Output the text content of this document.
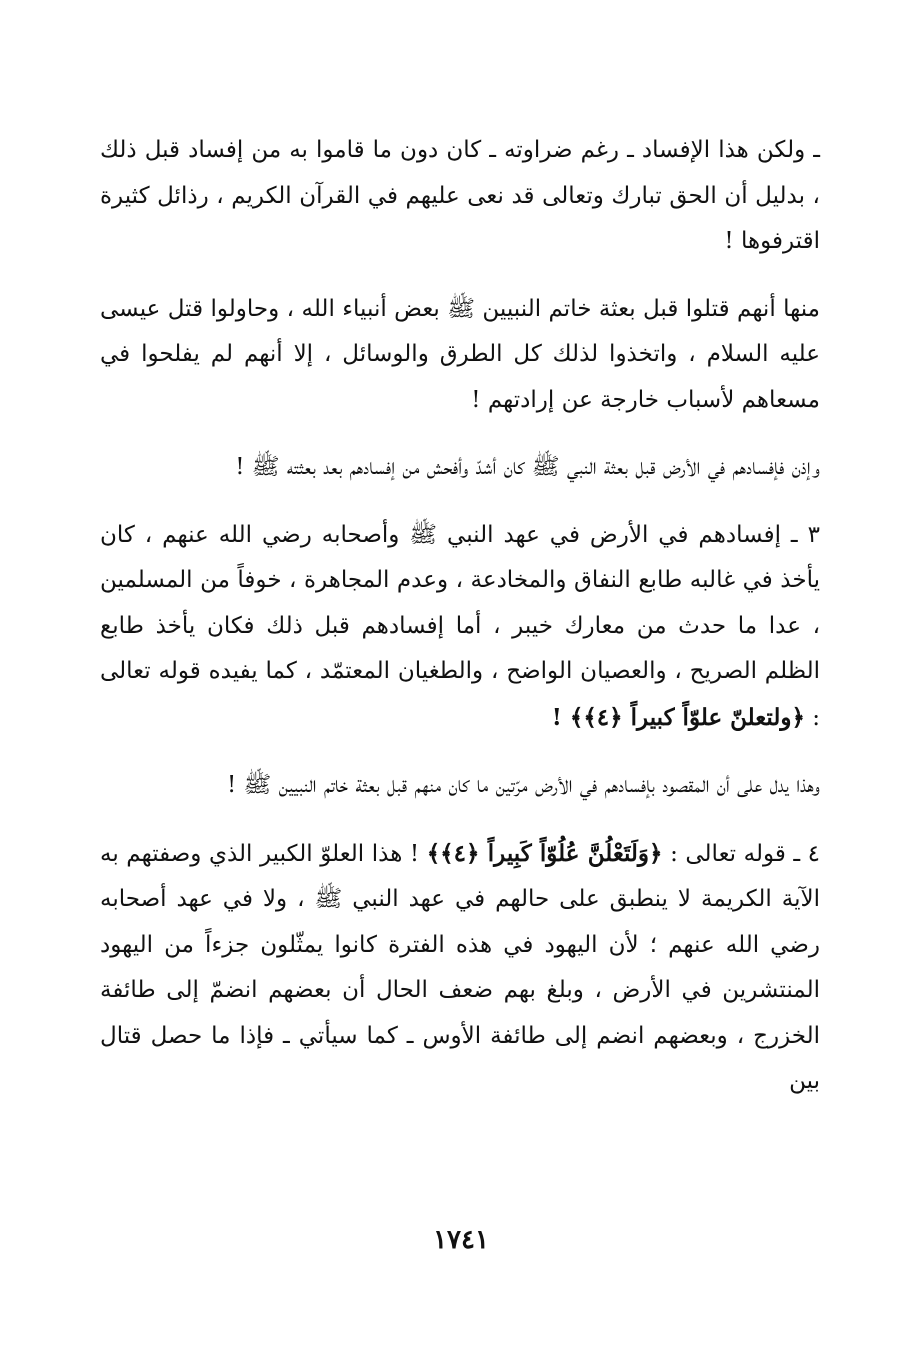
ـ ولكن هذا الإفساد ـ رغم ضراوته ـ كان دون ما قاموا به من إفساد قبل ذلك ، بدليل أن الحق تبارك وتعالى قد نعى عليهم في القرآن الكريم ، رذائل كثيرة اقترفوها !

منها أنهم قتلوا قبل بعثة خاتم النبيين ﷺ بعض أنبياء الله ، وحاولوا قتل عيسى عليه السلام ، واتخذوا لذلك كل الطرق والوسائل ، إلا أنهم لم يفلحوا في مسعاهم لأسباب خارجة عن إرادتهم !

وإذن فإفسادهم في الأرض قبل بعثة النبي ﷺ كان أشدّ وأفحش من إفسادهم بعد بعثته ﷺ !

٣ ـ إفسادهم في الأرض في عهد النبي ﷺ وأصحابه رضي الله عنهم ، كان يأخذ في غالبه طابع النفاق والمخادعة ، وعدم المجاهرة ، خوفاً من المسلمين ، عدا ما حدث من معارك خيبر ، أما إفسادهم قبل ذلك فكان يأخذ طابع الظلم الصريح ، والعصيان الواضح ، والطغيان المعتمّد ، كما يفيده قوله تعالى : ﴿ولتعلنّ علوّاً كبيراً ﴿٤﴾﴾ !

وهذا يدل على أن المقصود بإفسادهم في الأرض مرّتين ما كان منهم قبل بعثة خاتم النبيين ﷺ !

٤ ـ قوله تعالى : ﴿وَلَتَعْلُنَّ عُلُوّاً كَبِيراً ﴿٤﴾﴾ ! هذا العلوّ الكبير الذي وصفتهم به الآية الكريمة لا ينطبق على حالهم في عهد النبي ﷺ ، ولا في عهد أصحابه رضي الله عنهم ؛ لأن اليهود في هذه الفترة كانوا يمثّلون جزءاً من اليهود المنتشرين في الأرض ، وبلغ بهم ضعف الحال أن بعضهم انضمّ إلى طائفة الخزرج ، وبعضهم انضم إلى طائفة الأوس ـ كما سيأتي ـ فإذا ما حصل قتال بين

١٧٤١
